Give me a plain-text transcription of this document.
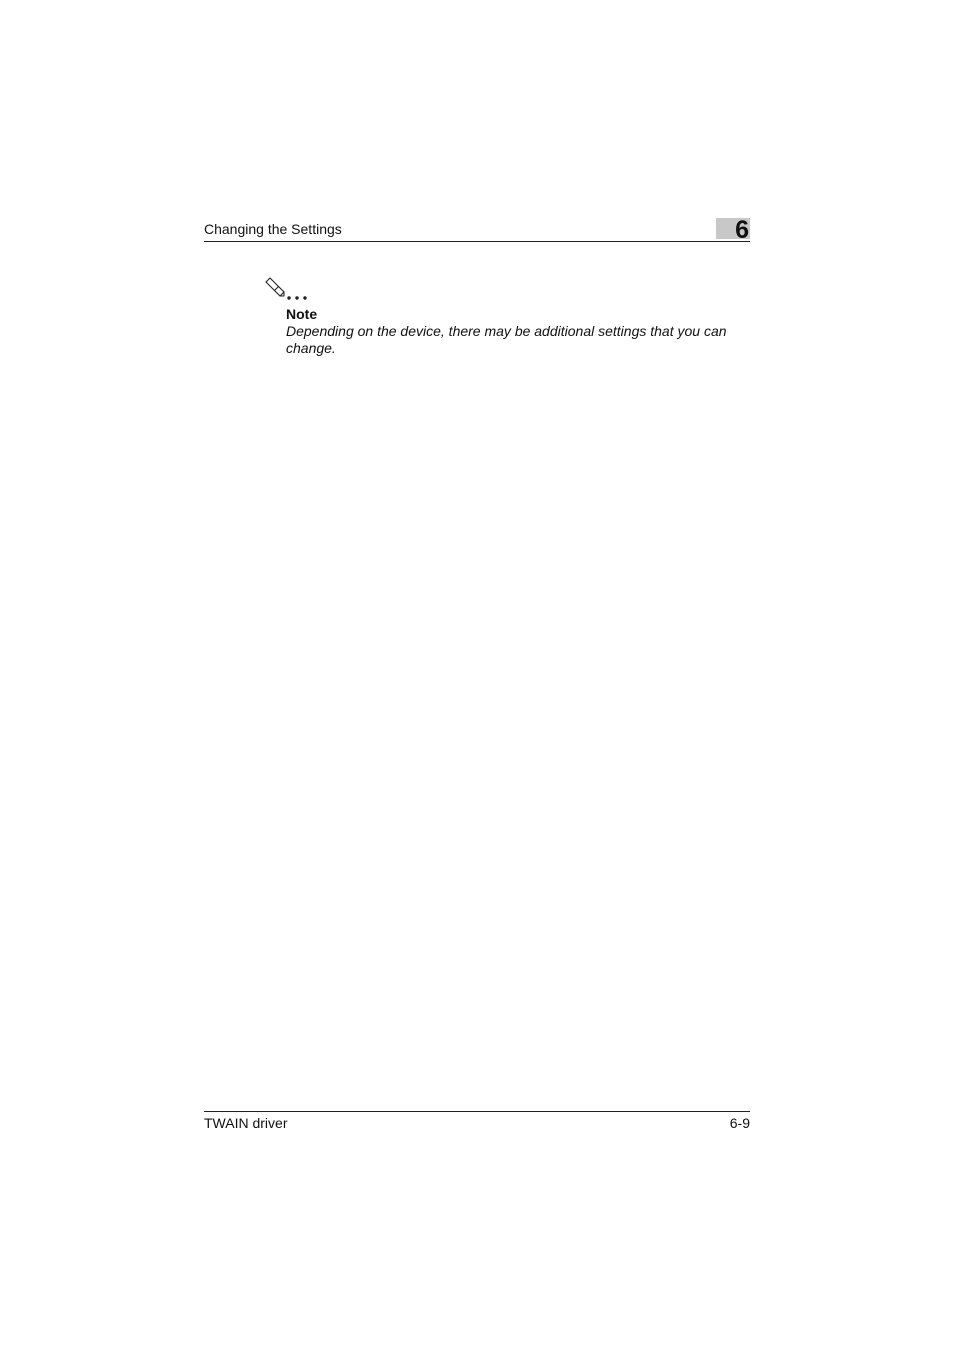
Changing the Settings	6
Note
Depending on the device, there may be additional settings that you can change.
TWAIN driver	6-9
